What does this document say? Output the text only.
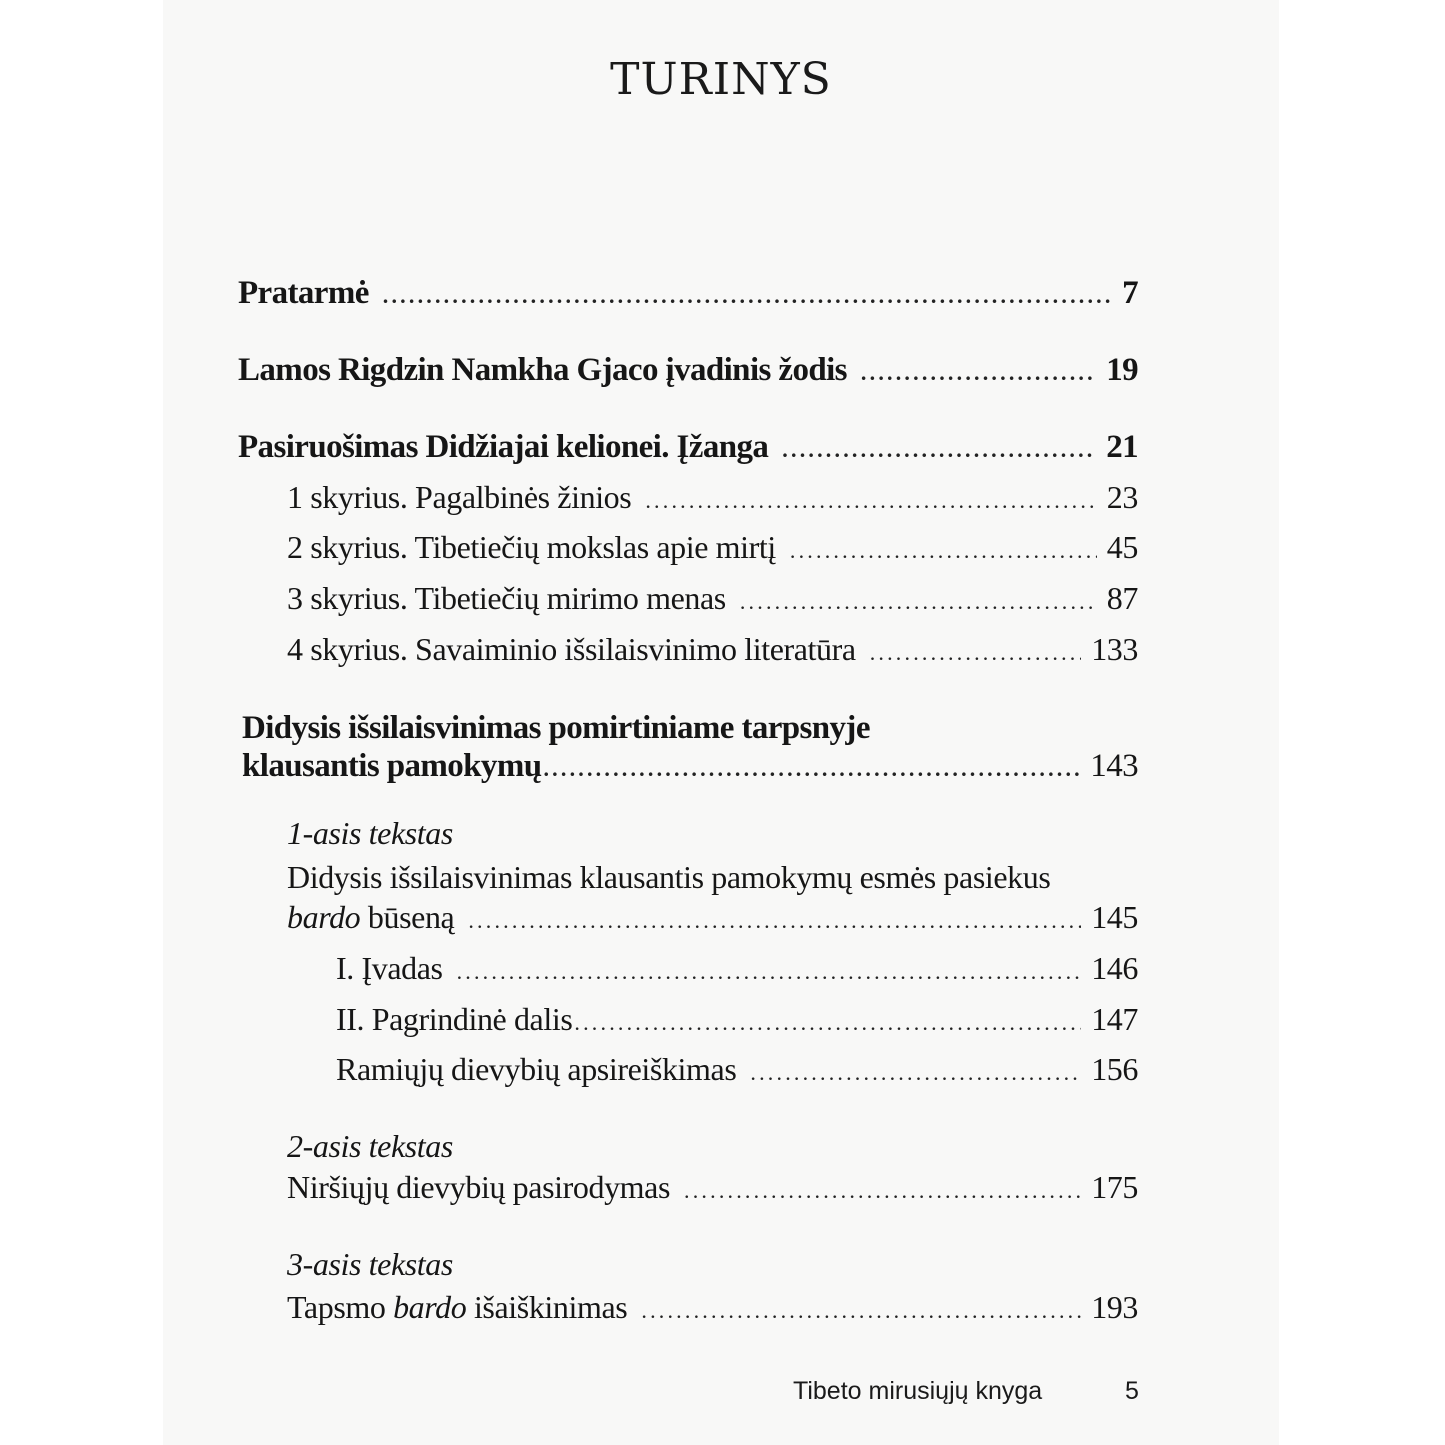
TURINYS
Pratarmė .....	7
Lamos Rigdzin Namkha Gjaco įvadinis žodis .....	19
Pasiruošimas Didžiajai kelionei. Įžanga .....	21
1 skyrius. Pagalbinės žinios .....	23
2 skyrius. Tibetiečių mokslas apie mirtį .....	45
3 skyrius. Tibetiečių mirimo menas .....	87
4 skyrius. Savaiminio išsilaisvinimo literatūra .....	133
Didysis išsilaisvinimas pomirtiniame tarpsnyje
klausantis pamokymų .....	143
1-asis tekstas
Didysis išsilaisvinimas klausantis pamokymų esmės pasiekus
bardo būseną .....	145
I. Įvadas .....	146
II. Pagrindinė dalis .....	147
Ramiųjų dievybių apsireiškimas .....	156
2-asis tekstas
Niršiųjų dievybių pasirodymas .....	175
3-asis tekstas
Tapsmo bardo išaiškinimas .....	193
Tibeto mirusiųjų knyga	5
